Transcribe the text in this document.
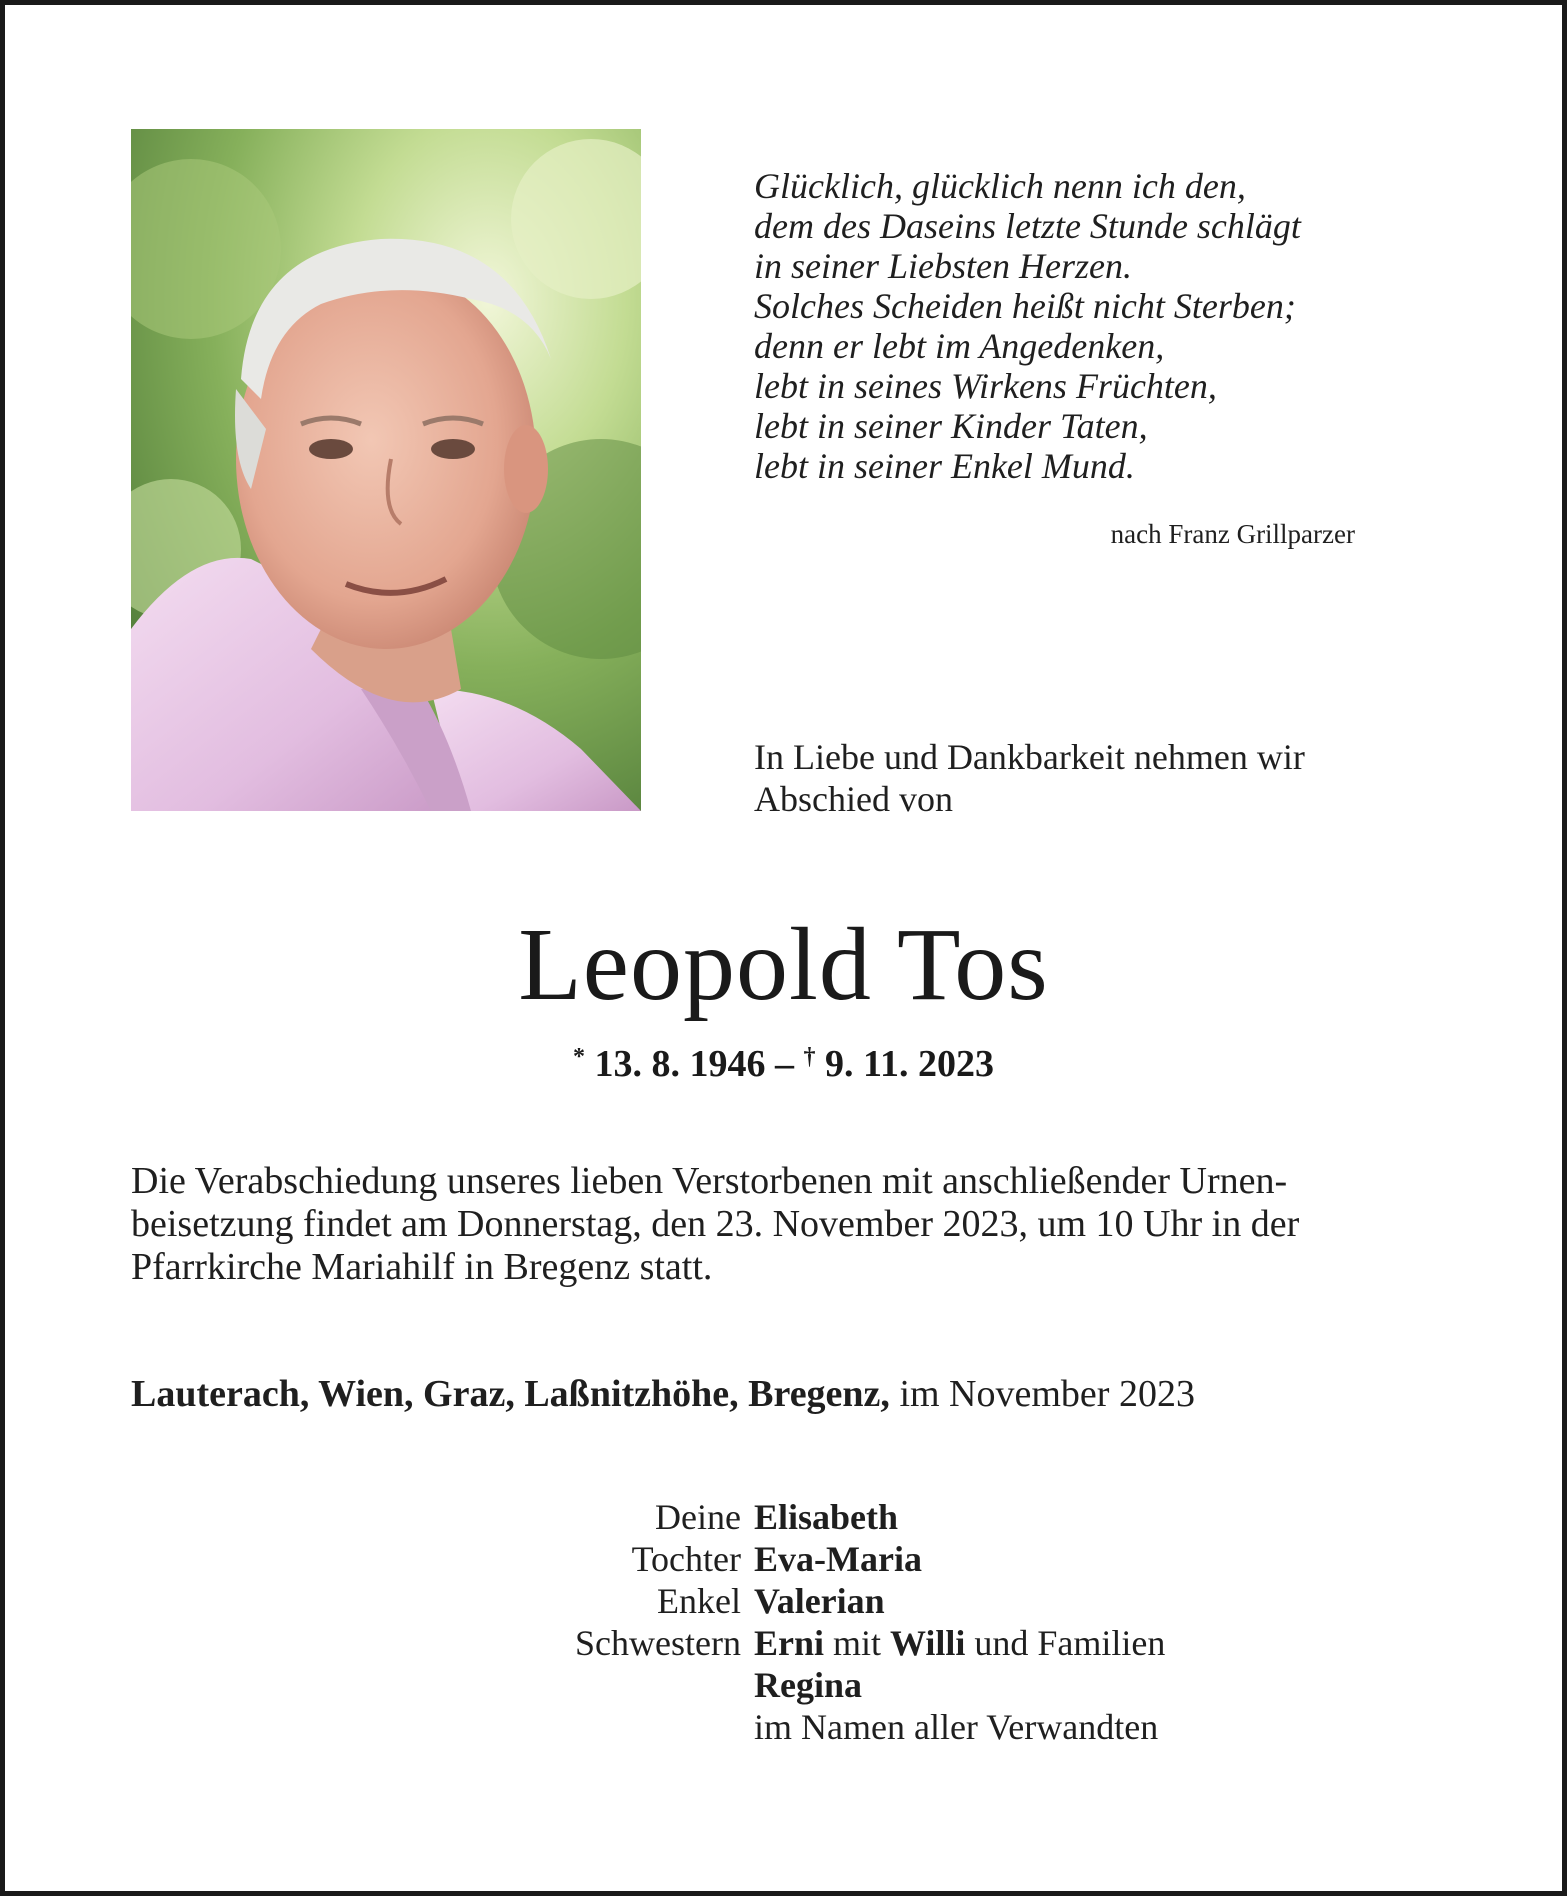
Glücklich, glücklich nenn ich den,
dem des Daseins letzte Stunde schlägt
in seiner Liebsten Herzen.
Solches Scheiden heißt nicht Sterben;
denn er lebt im Angedenken,
lebt in seines Wirkens Früchten,
lebt in seiner Kinder Taten,
lebt in seiner Enkel Mund.
nach Franz Grillparzer
In Liebe und Dankbarkeit nehmen wir
Abschied von
Leopold Tos
* 13. 8. 1946 – † 9. 11. 2023
Die Verabschiedung unseres lieben Verstorbenen mit anschließender Urnen-
beisetzung findet am Donnerstag, den 23. November 2023, um 10 Uhr in der
Pfarrkirche Mariahilf in Bregenz statt.
Lauterach, Wien, Graz, Laßnitzhöhe, Bregenz, im November 2023
Deine Elisabeth
Tochter Eva-Maria
Enkel Valerian
Schwestern Erni mit Willi und Familien
Regina
im Namen aller Verwandten
